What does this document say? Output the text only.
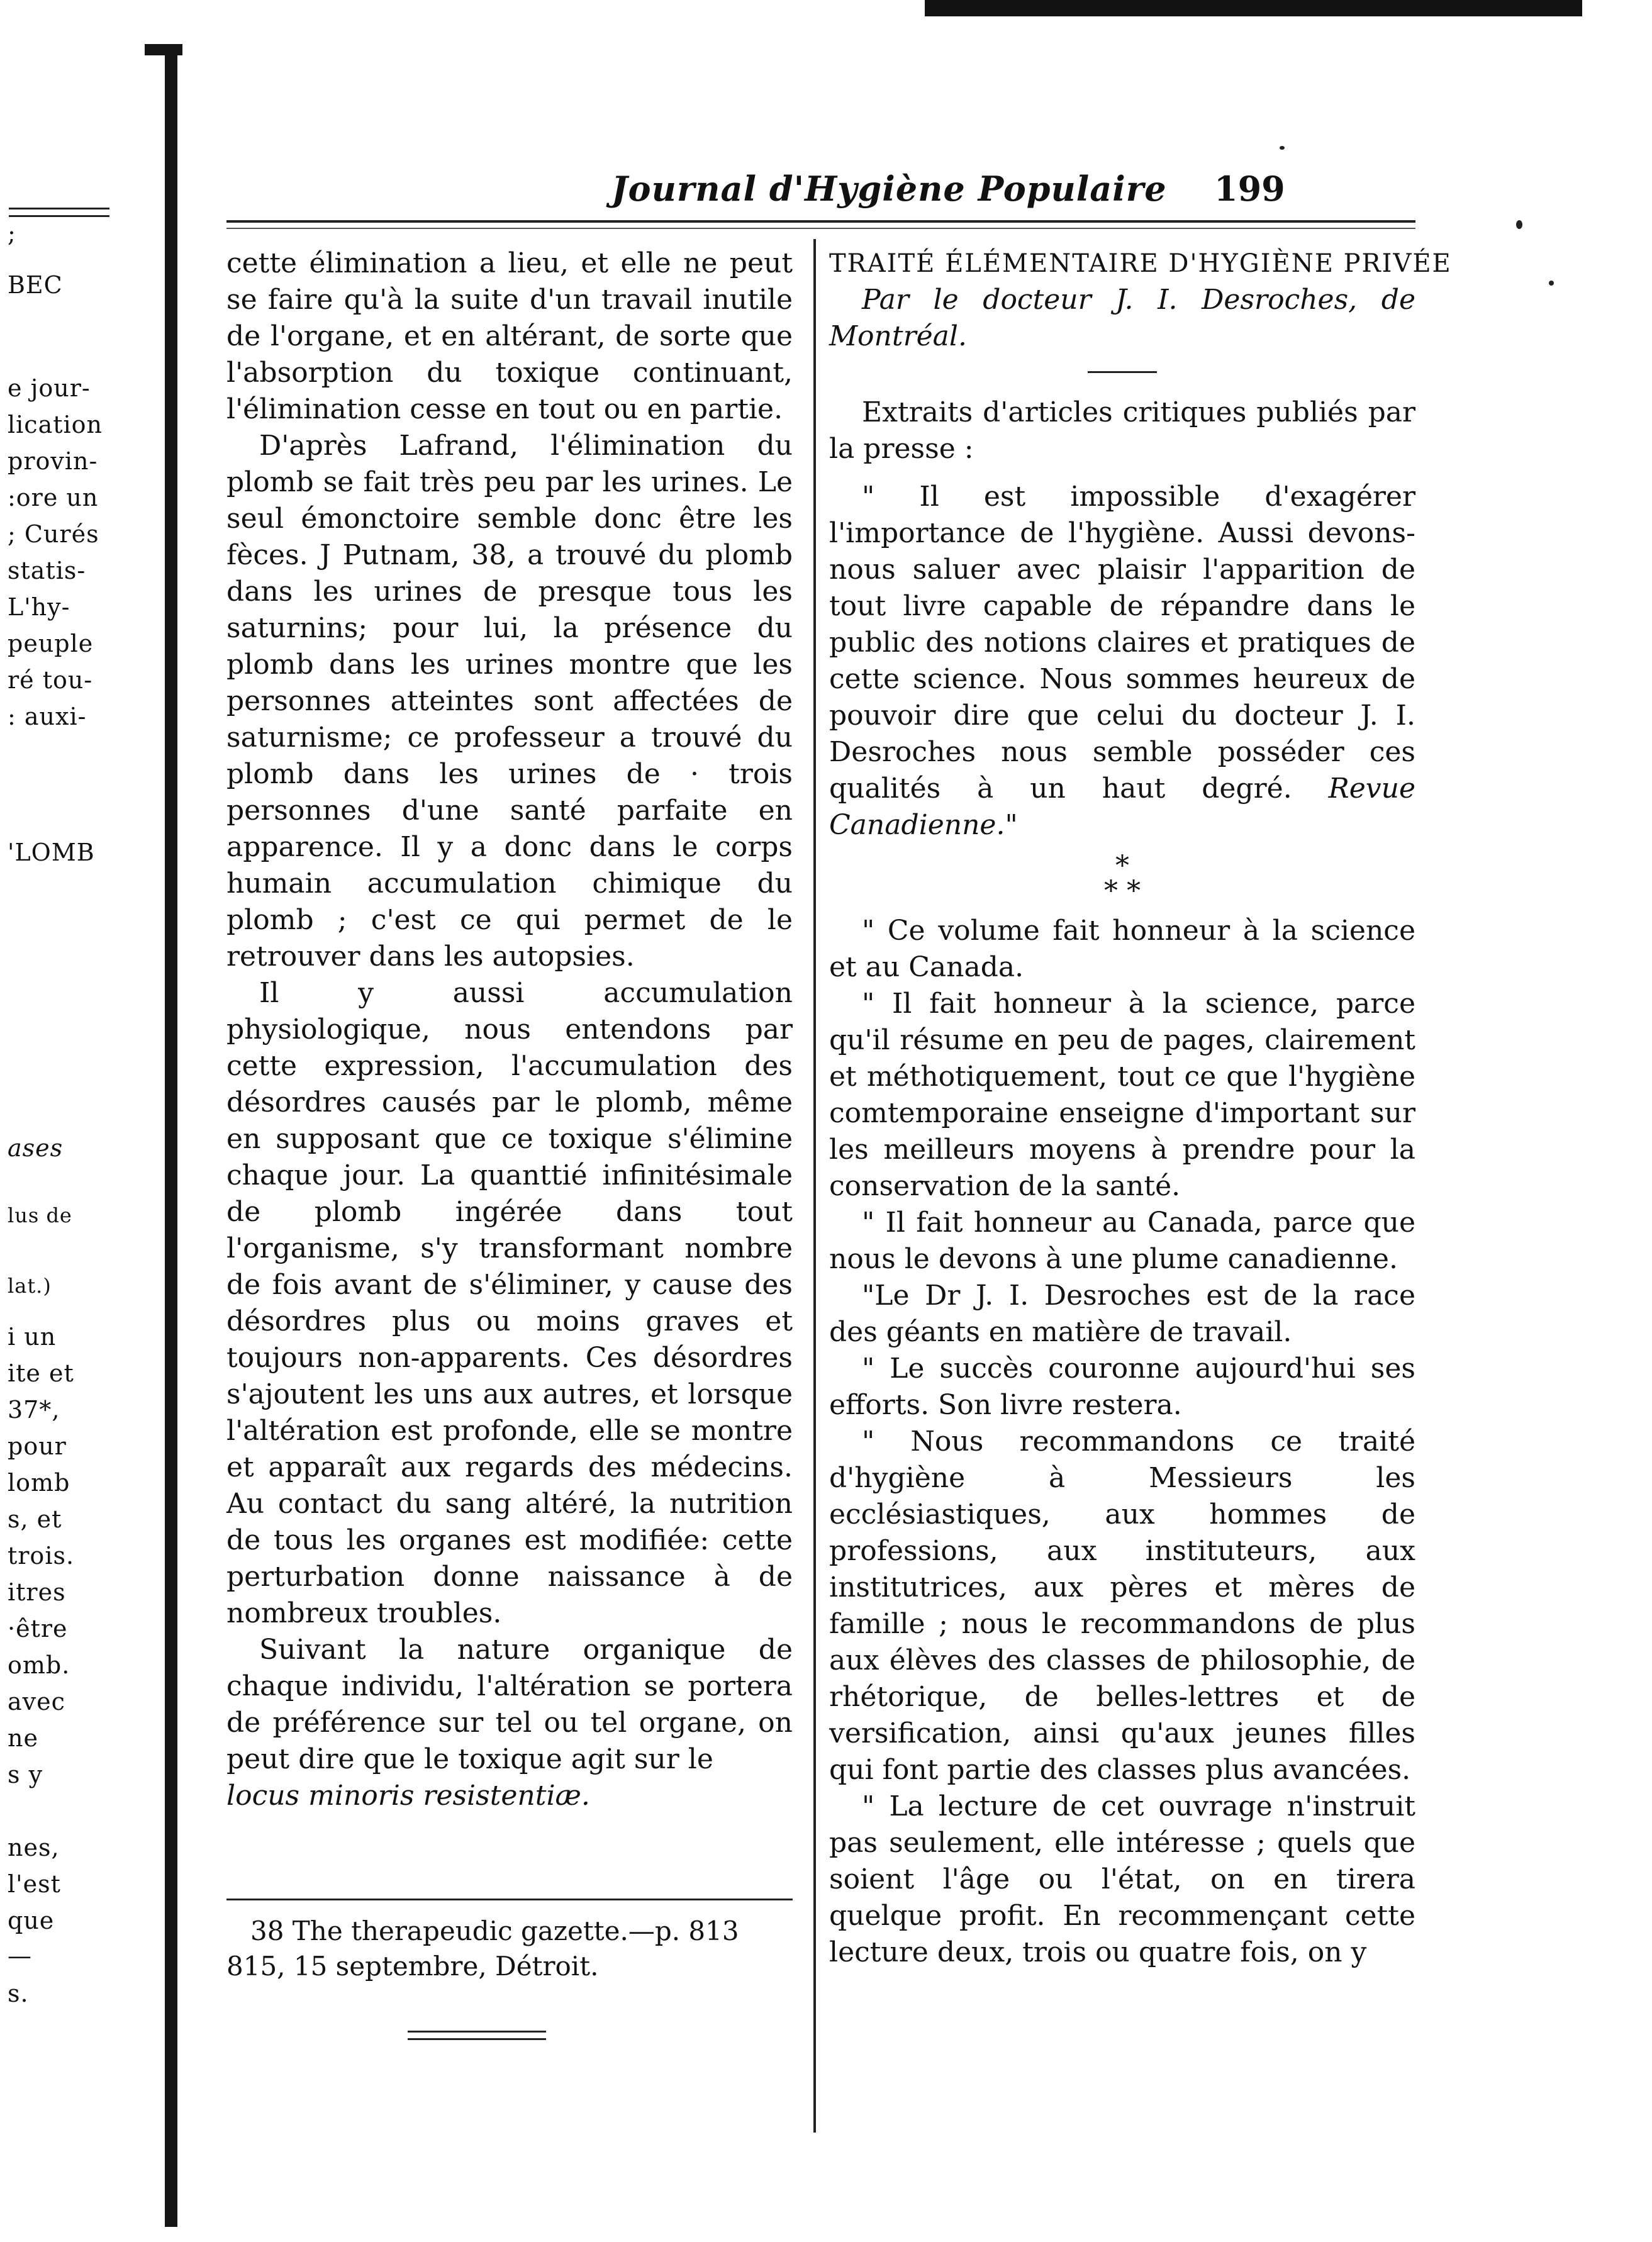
;
BEC
e jour-
lication
provin-
:ore un
; Curés
statis-
L'hy-
peuple
ré tou-
: auxi-
'LOMB
ases
lus de
lat.)
i un
ite et
37*,
pour
lomb
s, et
trois.
itres
·être
omb.
avec
ne
s y
nes,
l'est
que
—
s.
Journal d'Hygiène Populaire 199

cette élimination a lieu, et elle ne peut se faire qu'à la suite d'un travail inutile de l'organe, et en altérant, de sorte que l'absorption du toxique continuant, l'élimination cesse en tout ou en partie.

D'après Lafrand, l'élimination du plomb se fait très peu par les urines. Le seul émonctoire semble donc être les fèces. J Putnam, 38, a trouvé du plomb dans les urines de presque tous les saturnins; pour lui, la présence du plomb dans les urines montre que les personnes atteintes sont affectées de saturnisme; ce professeur a trouvé du plomb dans les urines de · trois personnes d'une santé parfaite en apparence. Il y a donc dans le corps humain accumulation chimique du plomb ; c'est ce qui permet de le retrouver dans les autopsies.

Il y aussi accumulation physiologique, nous entendons par cette expression, l'accumulation des désordres causés par le plomb, même en supposant que ce toxique s'élimine chaque jour. La quanttié infinitésimale de plomb ingérée dans tout l'organisme, s'y transformant nombre de fois avant de s'éliminer, y cause des désordres plus ou moins graves et toujours non-apparents. Ces désordres s'ajoutent les uns aux autres, et lorsque l'altération est profonde, elle se montre et apparaît aux regards des médecins. Au contact du sang altéré, la nutrition de tous les organes est modifiée: cette perturbation donne naissance à de nombreux troubles.

Suivant la nature organique de chaque individu, l'altération se portera de préférence sur tel ou tel organe, on peut dire que le toxique agit sur le

locus minoris resistentiæ.

38 The therapeudic gazette.—p. 813 815, 15 septembre, Détroit.

TRAITÉ ÉLÉMENTAIRE D'HYGIÈNE PRIVÉE

Par le docteur J. I. Desroches, de Montréal.

Extraits d'articles critiques publiés par la presse :

" Il est impossible d'exagérer l'importance de l'hygiène. Aussi devons-nous saluer avec plaisir l'apparition de tout livre capable de répandre dans le public des notions claires et pratiques de cette science. Nous sommes heureux de pouvoir dire que celui du docteur J. I. Desroches nous semble posséder ces qualités à un haut degré. Revue Canadienne."

*
* *

" Ce volume fait honneur à la science et au Canada.

" Il fait honneur à la science, parce qu'il résume en peu de pages, clairement et méthotiquement, tout ce que l'hygiène comtemporaine enseigne d'important sur les meilleurs moyens à prendre pour la conservation de la santé.

" Il fait honneur au Canada, parce que nous le devons à une plume canadienne.

"Le Dr J. I. Desroches est de la race des géants en matière de travail.

" Le succès couronne aujourd'hui ses efforts. Son livre restera.

" Nous recommandons ce traité d'hygiène à Messieurs les ecclésiastiques, aux hommes de professions, aux instituteurs, aux institutrices, aux pères et mères de famille ; nous le recommandons de plus aux élèves des classes de philosophie, de rhétorique, de belles-lettres et de versification, ainsi qu'aux jeunes filles qui font partie des classes plus avancées.

" La lecture de cet ouvrage n'instruit pas seulement, elle intéresse ; quels que soient l'âge ou l'état, on en tirera quelque profit. En recommençant cette lecture deux, trois ou quatre fois, on y
